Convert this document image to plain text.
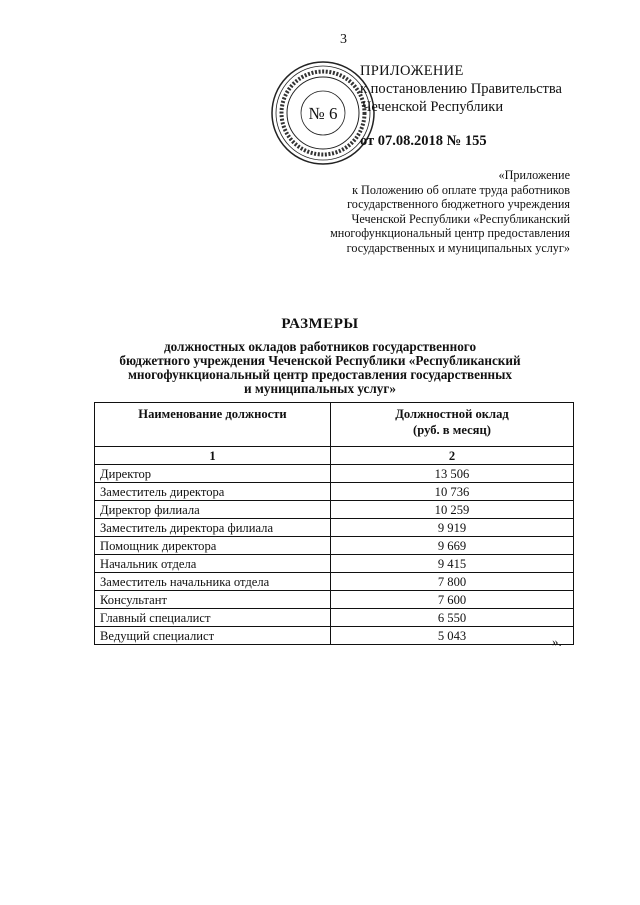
3
№ 6
ПРИЛОЖЕНИЕ
к постановлению Правительства
Чеченской Республики
от 07.08.2018 № 155
«Приложение
к Положению об оплате труда работников
государственного бюджетного учреждения
Чеченской Республики «Республиканский
многофункциональный центр предоставления
государственных и муниципальных услуг»
РАЗМЕРЫ
должностных окладов работников государственного
бюджетного учреждения Чеченской Республики «Республиканский
многофункциональный центр предоставления государственных
и муниципальных услуг»
Наименование должности	Должностной оклад
(руб. в месяц)
1	2
Директор	13 506
Заместитель директора	10 736
Директор филиала	10 259
Заместитель директора филиала	9 919
Помощник директора	9 669
Начальник отдела	9 415
Заместитель начальника отдела	7 800
Консультант	7 600
Главный специалист	6 550
Ведущий специалист	5 043	».
